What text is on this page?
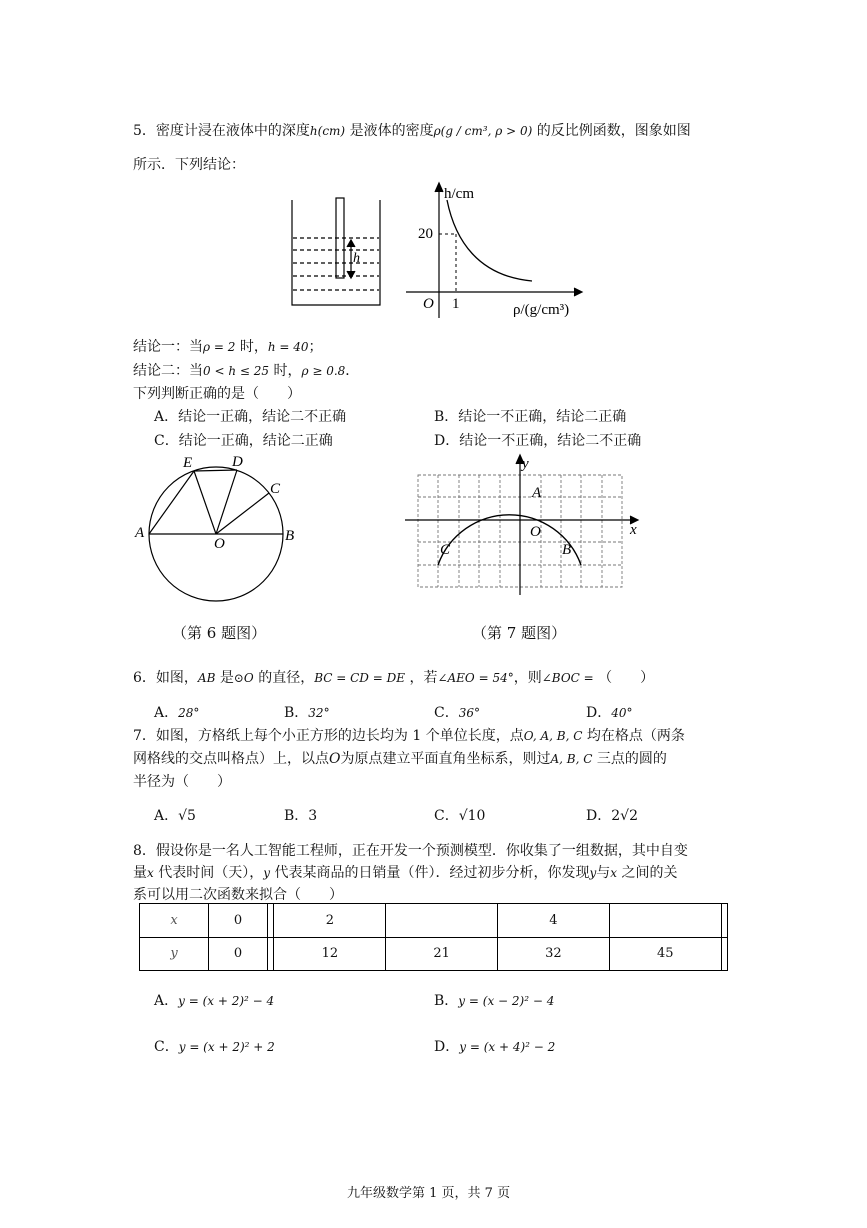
5．密度计浸在液体中的深度h(cm) 是液体的密度ρ(g / cm³, ρ > 0) 的反比例函数，图象如图
所示．下列结论：
h
h/cm
20
O 1	ρ/(g/cm³)
结论一：当ρ = 2 时，h = 40；
结论二：当0 < h ≤ 25 时，ρ ≥ 0.8．
下列判断正确的是（　　）
A．结论一正确，结论二不正确	B．结论一不正确，结论二正确
C．结论一正确，结论二正确	D．结论一不正确，结论二不正确
E	D
C
A	B
O
y
x
A
O
C	B
（第 6 题图）	（第 7 题图）
6．如图，AB 是⊙O 的直径，BC = CD = DE ，若∠AEO = 54°，则∠BOC = （　　）
A．28°	B．32°	C．36°	D．40°
7．如图，方格纸上每个小正方形的边长均为 1 个单位长度，点O, A, B, C 均在格点（两条
网格线的交点叫格点）上，以点O为原点建立平面直角坐标系，则过A, B, C 三点的圆的
半径为（　　）
A．√5	B．3	C．√10	D．2√2
8．假设你是一名人工智能工程师，正在开发一个预测模型．你收集了一组数据，其中自变
量x 代表时间（天），y 代表某商品的日销量（件）．经过初步分析，你发现y与x 之间的关
系可以用二次函数来拟合（　　）
x	0		2		4		
y	0		12	21	32	45	
A．y = (x + 2)² − 4	B．y = (x − 2)² − 4
C．y = (x + 2)² + 2	D．y = (x + 4)² − 2
九年级数学第 1 页，共 7 页
